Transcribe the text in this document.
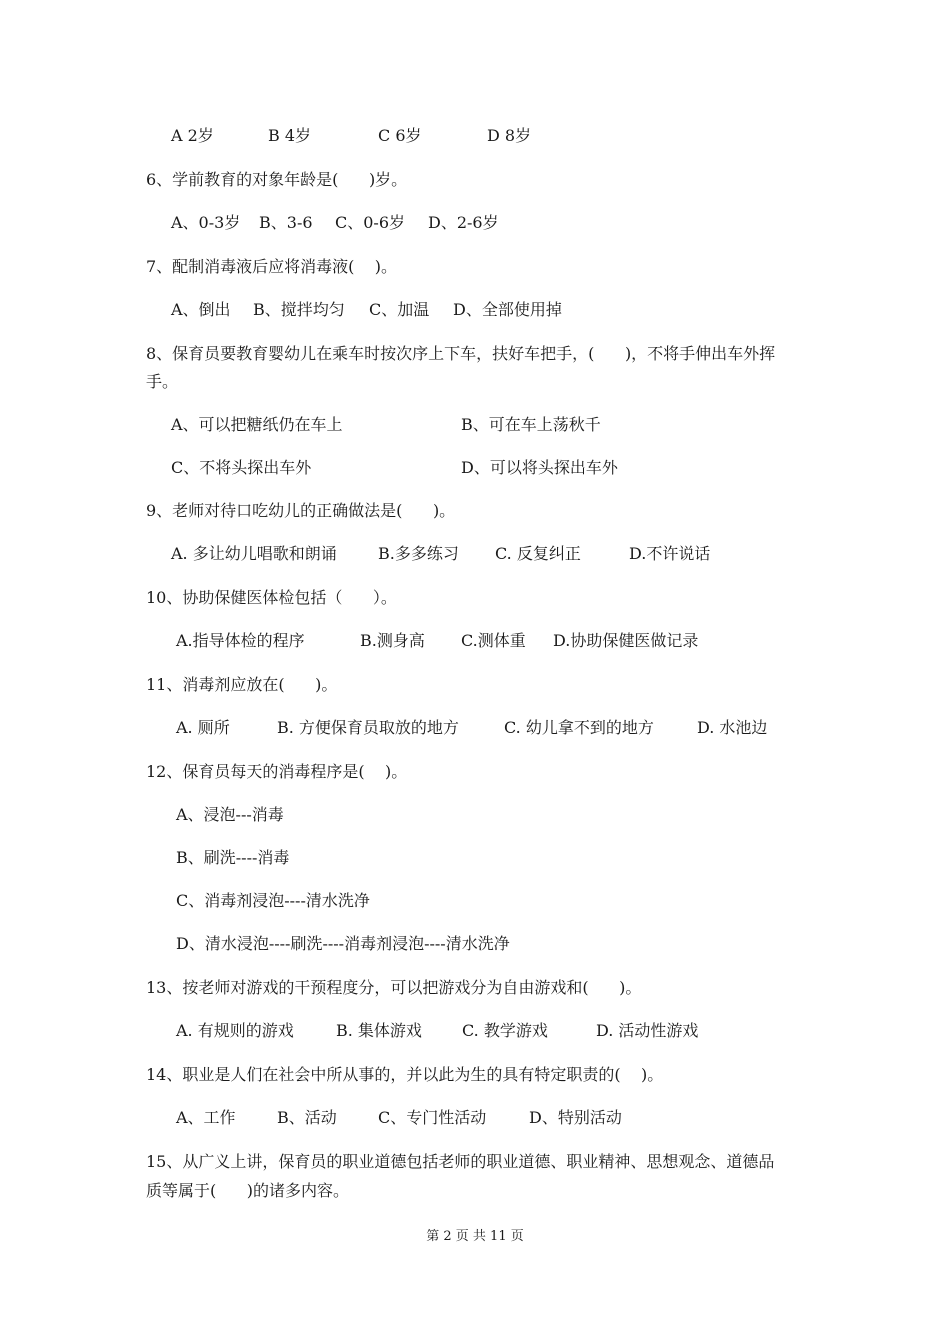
A 2岁	B 4岁	C 6岁	D 8岁
6、学前教育的对象年龄是(      )岁。
A、0-3岁 B、3-6 C、0-6岁 D、2-6岁
7、配制消毒液后应将消毒液(    )。
A、倒出 B、搅拌均匀 C、加温 D、全部使用掉
8、保育员要教育婴幼儿在乘车时按次序上下车，扶好车把手，(      )，不将手伸出车外挥
手。
A、可以把糖纸仍在车上	B、可在车上荡秋千
C、不将头探出车外	D、可以将头探出车外
9、老师对待口吃幼儿的正确做法是(      )。
A. 多让幼儿唱歌和朗诵	B.多多练习 C. 反复纠正	D.不许说话
10、协助保健医体检包括（      ）。
A.指导体检的程序	B.测身高 C.测体重 D.协助保健医做记录
11、消毒剂应放在(      )。
A. 厕所	B. 方便保育员取放的地方	C. 幼儿拿不到的地方	D. 水池边
12、保育员每天的消毒程序是(    )。
A、浸泡---消毒
B、刷洗----消毒
C、消毒剂浸泡----清水洗净
D、清水浸泡----刷洗----消毒剂浸泡----清水洗净
13、按老师对游戏的干预程度分，可以把游戏分为自由游戏和(      )。
A. 有规则的游戏	B. 集体游戏	C. 教学游戏	D. 活动性游戏
14、职业是人们在社会中所从事的，并以此为生的具有特定职责的(    )。
A、工作	B、活动	C、专门性活动	D、特别活动
15、从广义上讲，保育员的职业道德包括老师的职业道德、职业精神、思想观念、道德品
质等属于(      )的诸多内容。
第 2 页 共 11 页
